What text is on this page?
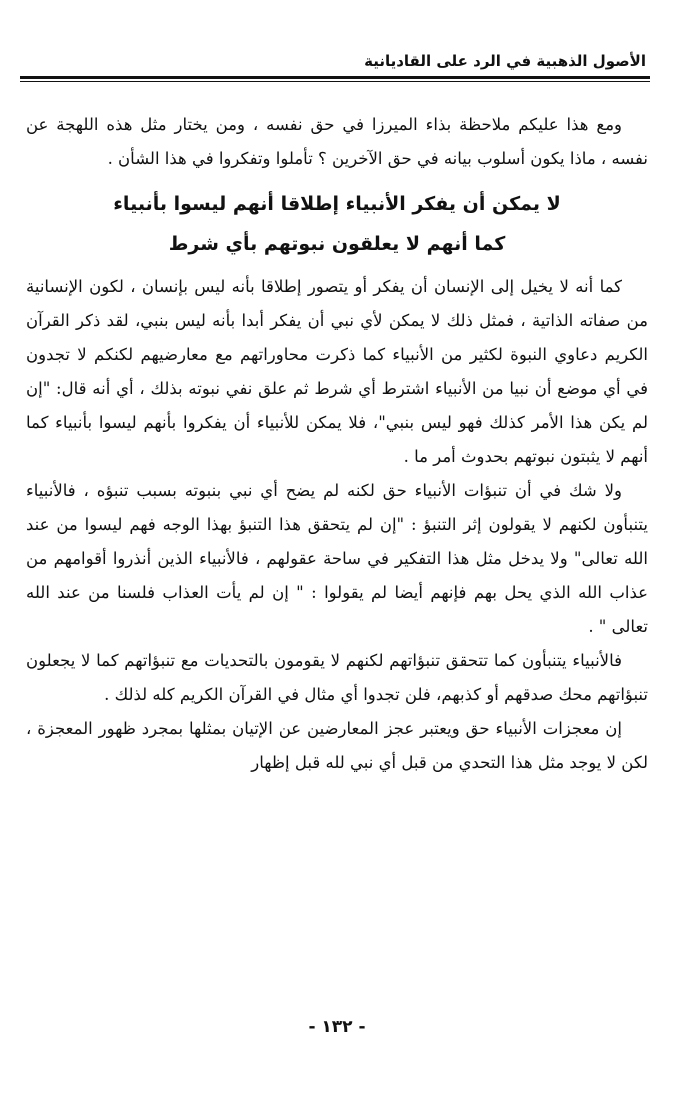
الأصول الذهبية في الرد على القاديانية

ومع هذا عليكم ملاحظة بذاء الميرزا في حق نفسه ، ومن يختار مثل هذه اللهجة عن نفسه ، ماذا يكون أسلوب بيانه في حق الآخرين ؟ تأملوا وتفكروا في هذا الشأن .

لا يمكن أن يفكر الأنبياء إطلاقا أنهم ليسوا بأنبياء

كما أنهم لا يعلقون نبوتهم بأي شرط

كما أنه لا يخيل إلى الإنسان أن يفكر أو يتصور إطلاقا بأنه ليس بإنسان ، لكون الإنسانية من صفاته الذاتية ، فمثل ذلك لا يمكن لأي نبي أن يفكر أبدا بأنه ليس بنبي، لقد ذكر القرآن الكريم دعاوي النبوة لكثير من الأنبياء كما ذكرت محاوراتهم مع معارضيهم لكنكم لا تجدون في أي موضع أن نبيا من الأنبياء اشترط أي شرط ثم علق نفي نبوته بذلك ، أي أنه قال: "إن لم يكن هذا الأمر كذلك فهو ليس بنبي"، فلا يمكن للأنبياء أن يفكروا بأنهم ليسوا بأنبياء كما أنهم لا يثبتون نبوتهم بحدوث أمر ما .

ولا شك في أن تنبؤات الأنبياء حق لكنه لم يضح أي نبي بنبوته بسبب تنبؤه ، فالأنبياء يتنبأون لكنهم لا يقولون إثر التنبؤ : "إن لم يتحقق هذا التنبؤ بهذا الوجه فهم ليسوا من عند الله تعالى" ولا يدخل مثل هذا التفكير في ساحة عقولهم ، فالأنبياء الذين أنذروا أقوامهم من عذاب الله الذي يحل بهم فإنهم أيضا لم يقولوا : " إن لم يأت العذاب فلسنا من عند الله تعالى " .

فالأنبياء يتنبأون كما تتحقق تنبؤاتهم لكنهم لا يقومون بالتحديات مع تنبؤاتهم كما لا يجعلون تنبؤاتهم محك صدقهم أو كذبهم، فلن تجدوا أي مثال في القرآن الكريم كله لذلك .

إن معجزات الأنبياء حق ويعتبر عجز المعارضين عن الإتيان بمثلها بمجرد ظهور المعجزة ، لكن لا يوجد مثل هذا التحدي من قبل أي نبي لله قبل إظهار

- ١٣٢ -
